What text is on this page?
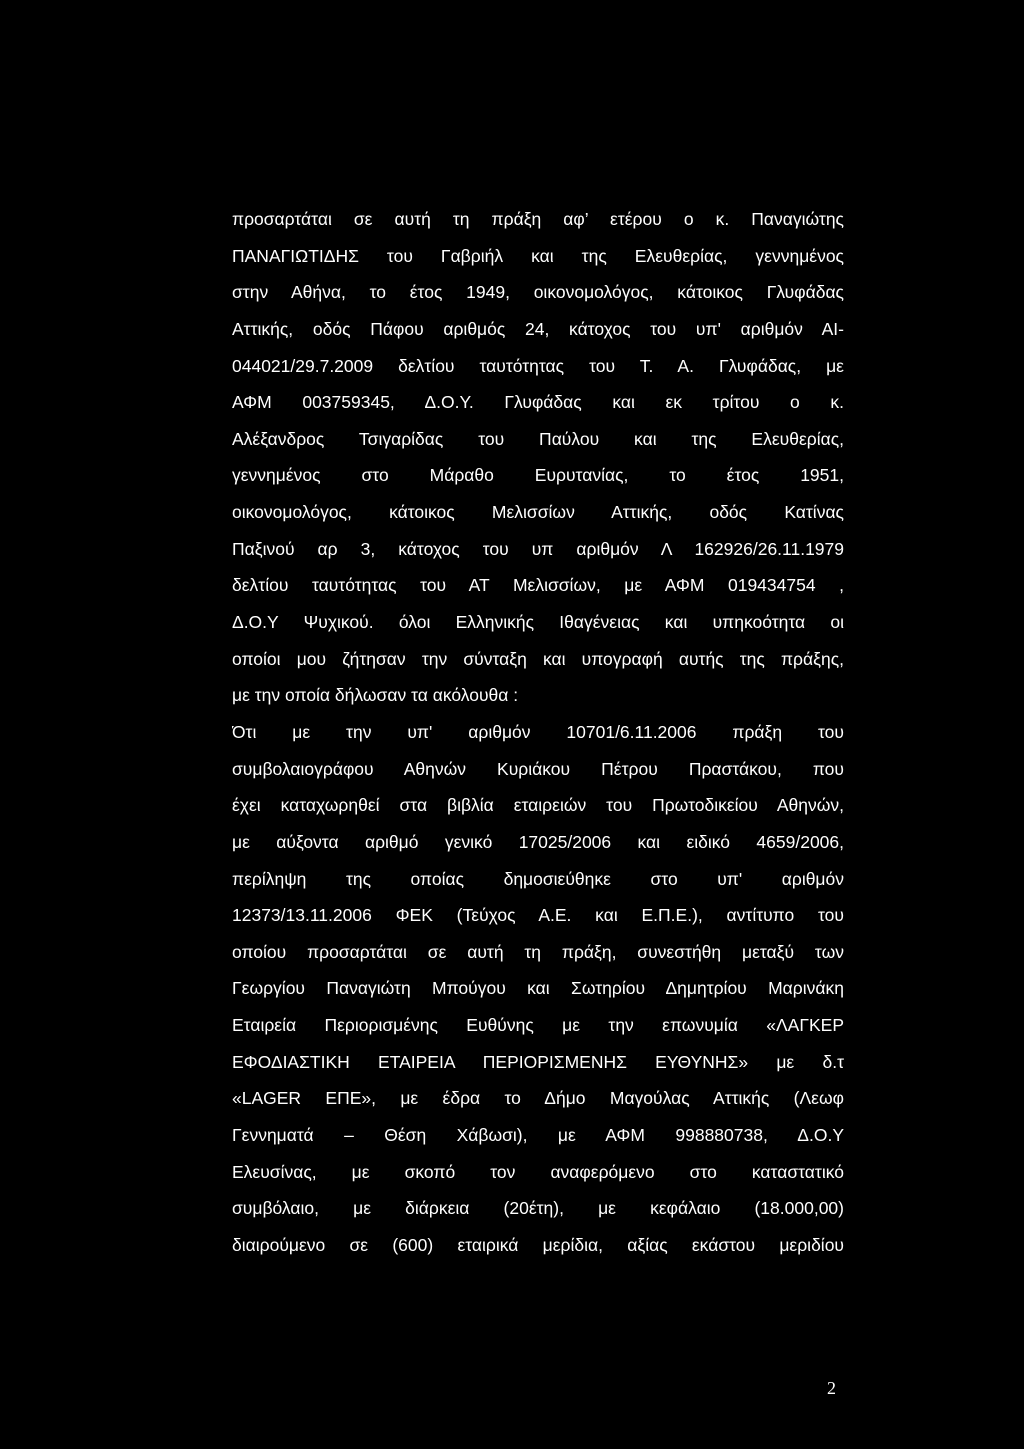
προσαρτάται σε αυτή τη πράξη αφ’ ετέρου ο κ. Παναγιώτης
ΠΑΝΑΓΙΩΤΙΔΗΣ του Γαβριήλ και της Ελευθερίας, γεννημένος
στην Αθήνα, το έτος 1949, οικονομολόγος, κάτοικος Γλυφάδας
Αττικής, οδός Πάφου αριθμός 24, κάτοχος του υπ' αριθμόν ΑΙ-
044021/29.7.2009 δελτίου ταυτότητας του Τ. Α. Γλυφάδας, με
ΑΦΜ 003759345, Δ.Ο.Υ. Γλυφάδας και εκ τρίτου ο κ.
Αλέξανδρος Τσιγαρίδας του Παύλου και της Ελευθερίας,
γεννημένος στο Μάραθο Ευρυτανίας, το έτος 1951,
οικονομολόγος, κάτοικος Μελισσίων Αττικής, οδός Κατίνας
Παξινού αρ 3, κάτοχος του υπ αριθμόν Λ 162926/26.11.1979
δελτίου ταυτότητας του ΑΤ Μελισσίων, με ΑΦΜ 019434754 ,
Δ.Ο.Υ Ψυχικού. όλοι Ελληνικής Ιθαγένειας και υπηκοότητα οι
οποίοι μου ζήτησαν την σύνταξη και υπογραφή αυτής της πράξης,
με την οποία δήλωσαν τα ακόλουθα :
Ότι με την υπ' αριθμόν 10701/6.11.2006 πράξη του
συμβολαιογράφου Αθηνών Κυριάκου Πέτρου Πραστάκου, που
έχει καταχωρηθεί στα βιβλία εταιρειών του Πρωτοδικείου Αθηνών,
με αύξοντα αριθμό γενικό 17025/2006 και ειδικό 4659/2006,
περίληψη της οποίας δημοσιεύθηκε στο υπ' αριθμόν
12373/13.11.2006 ΦΕΚ (Τεύχος Α.Ε. και Ε.Π.Ε.), αντίτυπο του
οποίου προσαρτάται σε αυτή τη πράξη, συνεστήθη μεταξύ των
Γεωργίου Παναγιώτη Μπούγου και Σωτηρίου Δημητρίου Μαρινάκη
Εταιρεία Περιορισμένης Ευθύνης με την επωνυμία «ΛΑΓΚΕΡ
ΕΦΟΔΙΑΣΤΙΚΗ ΕΤΑΙΡΕΙΑ ΠΕΡΙΟΡΙΣΜΕΝΗΣ ΕΥΘΥΝΗΣ» με δ.τ
«LAGER ΕΠΕ», με έδρα το Δήμο Μαγούλας Αττικής (Λεωφ
Γεννηματά – Θέση Χάβωσι), με ΑΦΜ 998880738, Δ.Ο.Υ
Ελευσίνας, με σκοπό τον αναφερόμενο στο καταστατικό
συμβόλαιο, με διάρκεια (20έτη), με κεφάλαιο (18.000,00)
διαιρούμενο σε (600) εταιρικά μερίδια, αξίας εκάστου μεριδίου
2
